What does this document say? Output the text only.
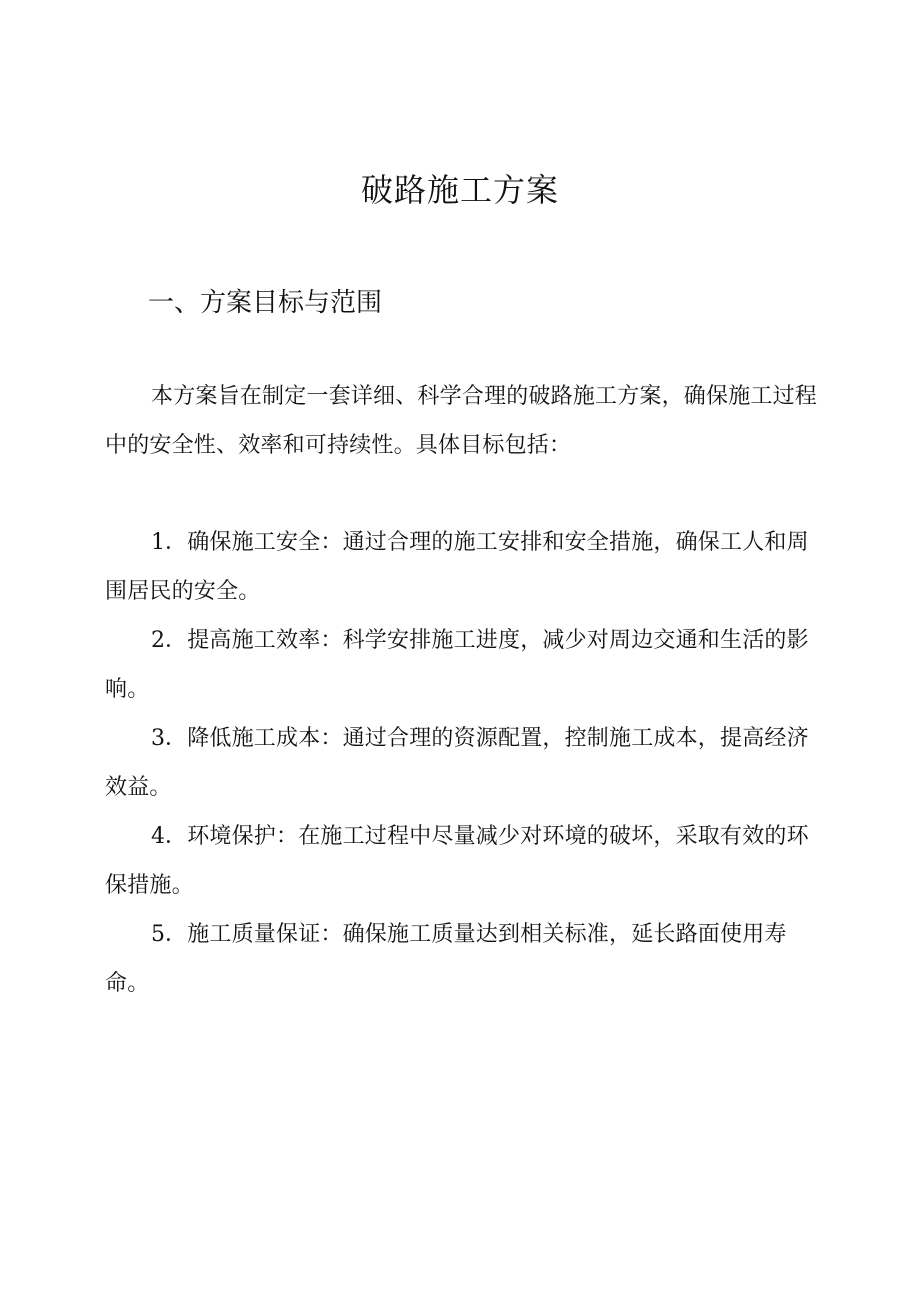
破路施工方案
一、方案目标与范围

本方案旨在制定一套详细、科学合理的破路施工方案，确保施工过程中的安全性、效率和可持续性。具体目标包括：

1．确保施工安全：通过合理的施工安排和安全措施，确保工人和周围居民的安全。

2．提高施工效率：科学安排施工进度，减少对周边交通和生活的影响。

3．降低施工成本：通过合理的资源配置，控制施工成本，提高经济效益。

4．环境保护：在施工过程中尽量减少对环境的破坏，采取有效的环保措施。

5．施工质量保证：确保施工质量达到相关标准，延长路面使用寿命。
